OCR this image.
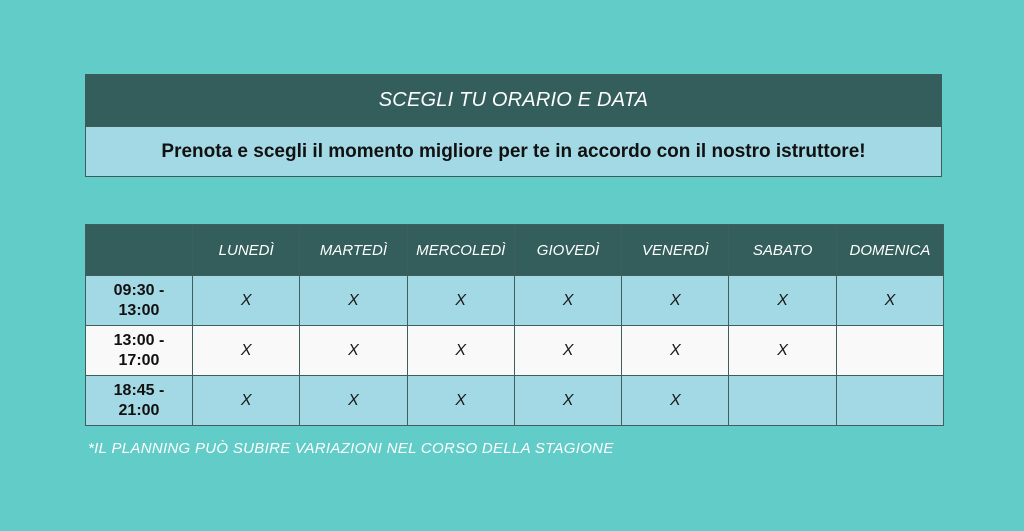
SCEGLI TU ORARIO E DATA
Prenota e scegli il momento migliore per te in accordo con il nostro istruttore!
	LUNEDÌ	MARTEDÌ	MERCOLEDÌ	GIOVEDÌ	VENERDÌ	SABATO	DOMENICA
09:30 -
13:00	X	X	X	X	X	X	X
13:00 -
17:00	X	X	X	X	X	X	
18:45 -
21:00	X	X	X	X	X		
*IL PLANNING PUÒ SUBIRE VARIAZIONI NEL CORSO DELLA STAGIONE
